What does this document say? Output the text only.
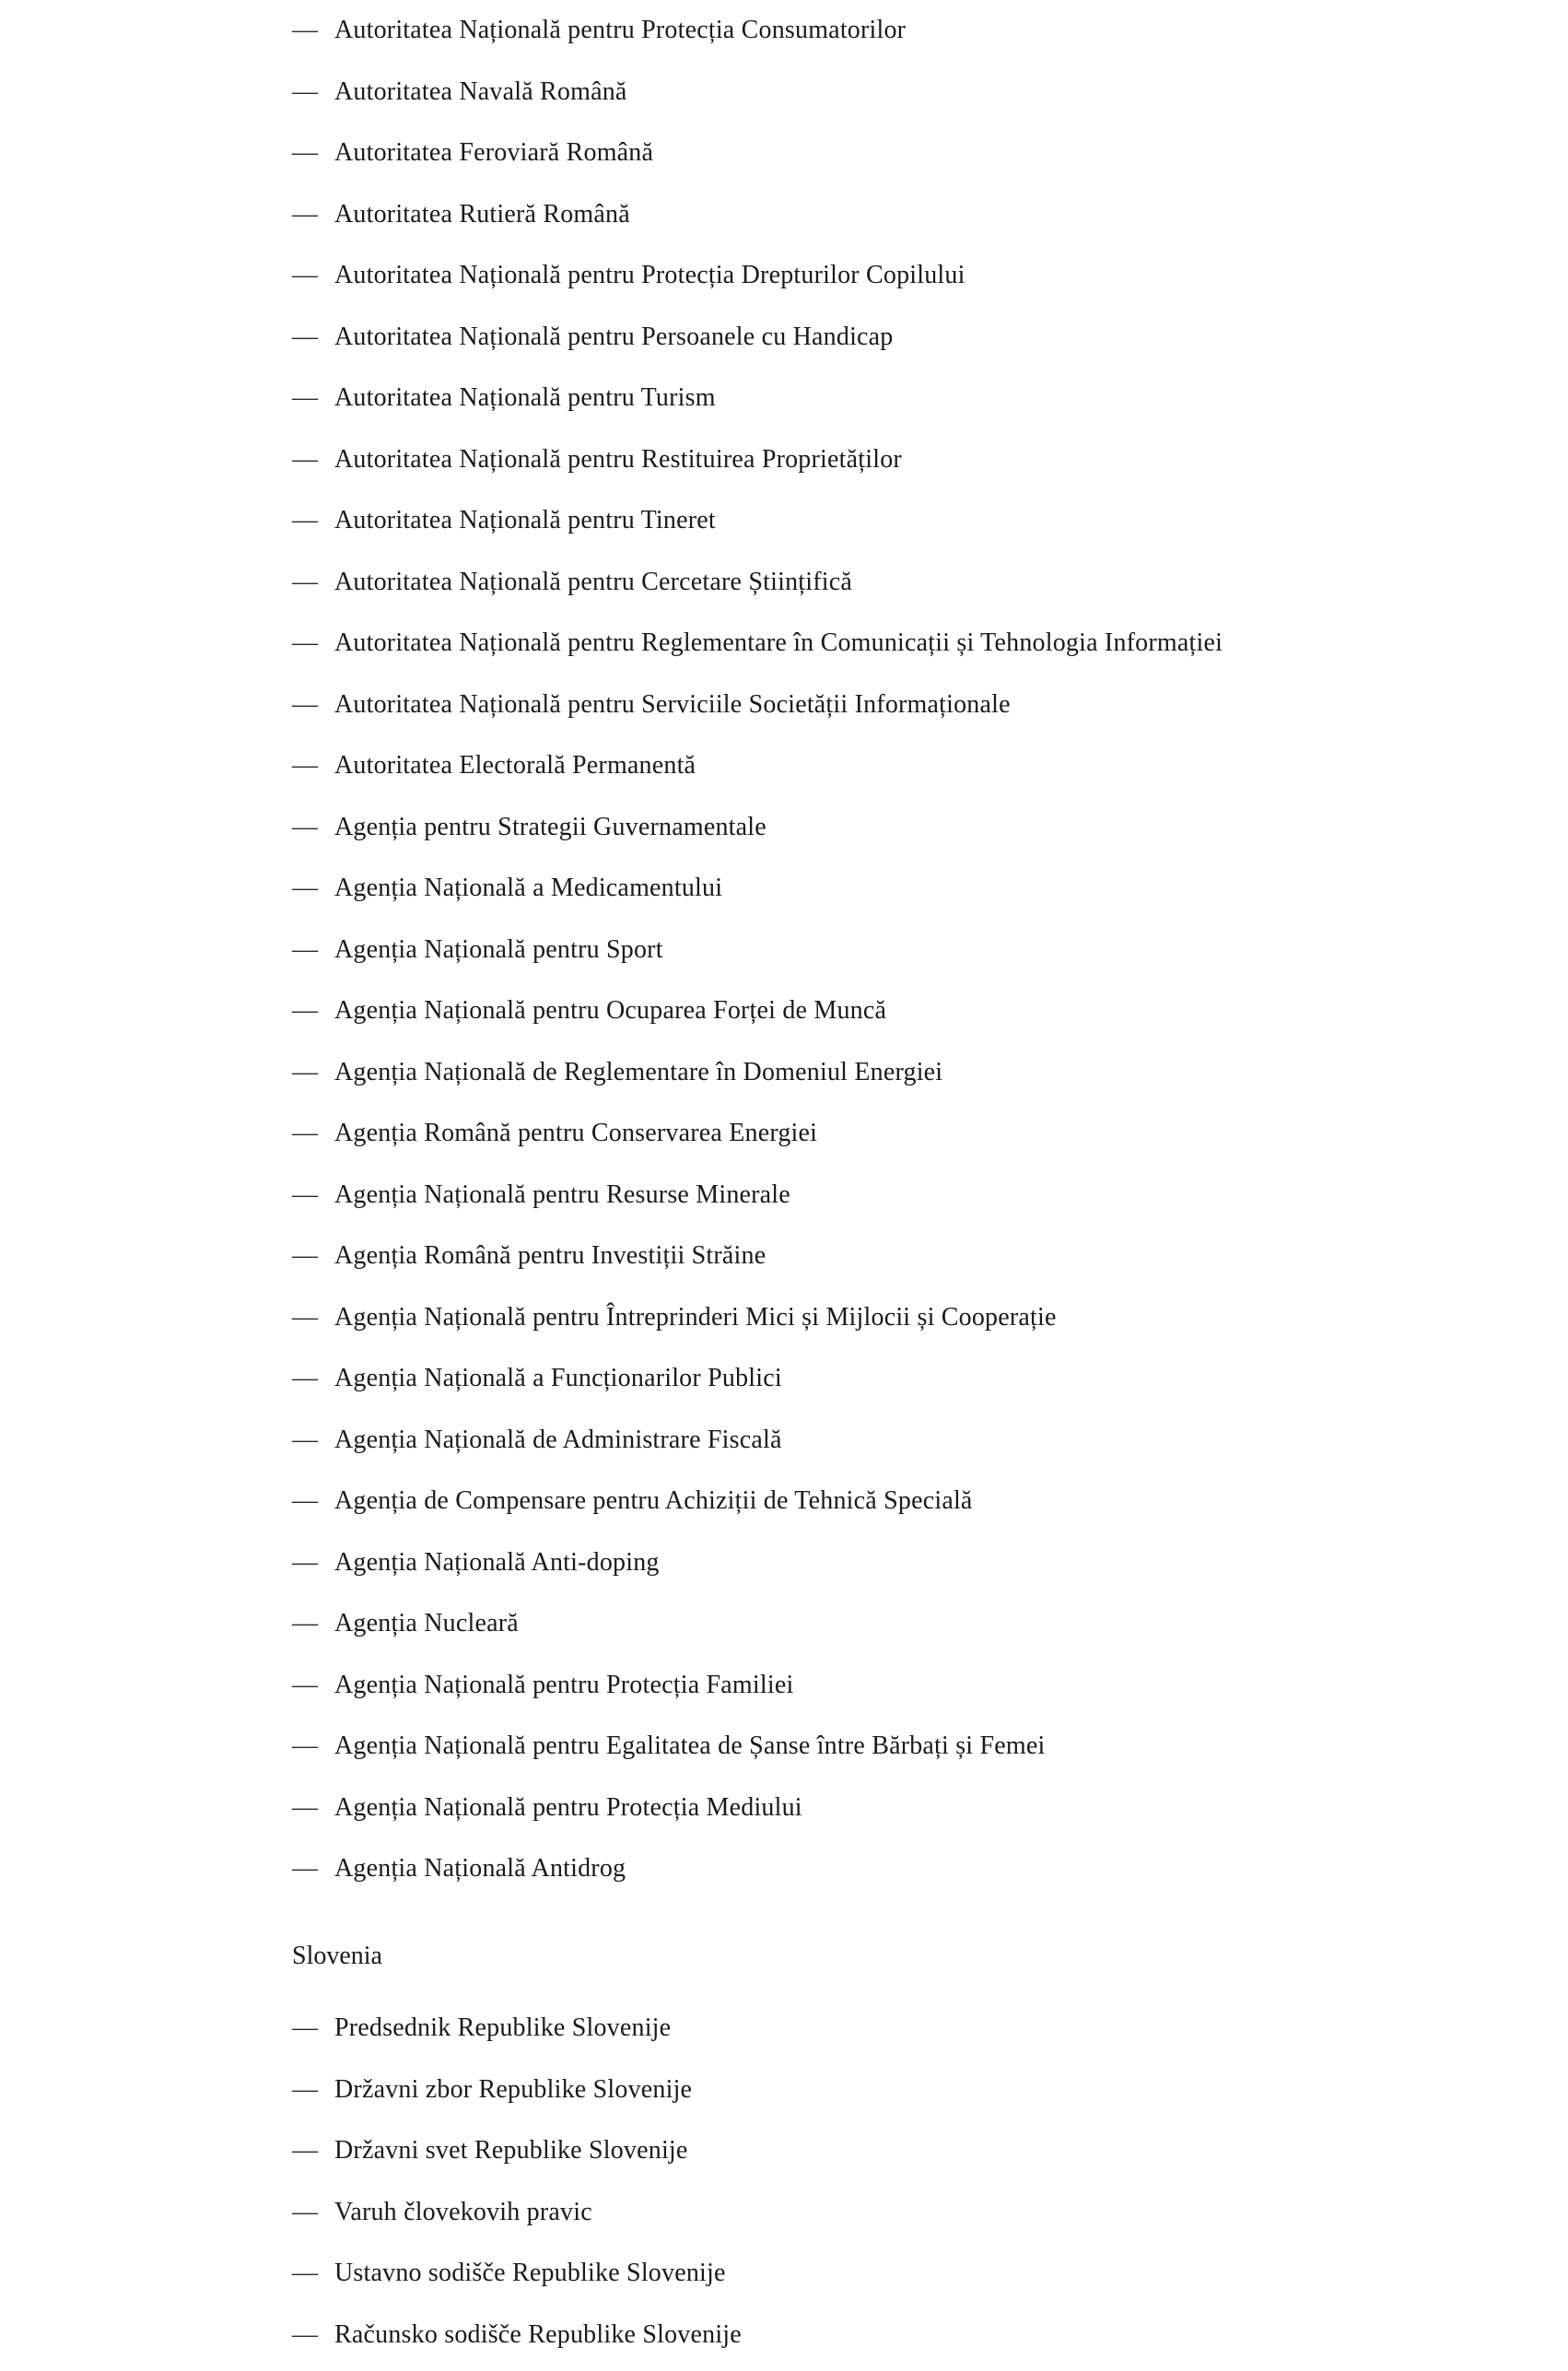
— Autoritatea Națională pentru Protecția Consumatorilor
— Autoritatea Navală Română
— Autoritatea Feroviară Română
— Autoritatea Rutieră Română
— Autoritatea Națională pentru Protecția Drepturilor Copilului
— Autoritatea Națională pentru Persoanele cu Handicap
— Autoritatea Națională pentru Turism
— Autoritatea Națională pentru Restituirea Proprietăților
— Autoritatea Națională pentru Tineret
— Autoritatea Națională pentru Cercetare Științifică
— Autoritatea Națională pentru Reglementare în Comunicații și Tehnologia Informației
— Autoritatea Națională pentru Serviciile Societății Informaționale
— Autoritatea Electorală Permanentă
— Agenția pentru Strategii Guvernamentale
— Agenția Națională a Medicamentului
— Agenția Națională pentru Sport
— Agenția Națională pentru Ocuparea Forței de Muncă
— Agenția Națională de Reglementare în Domeniul Energiei
— Agenția Română pentru Conservarea Energiei
— Agenția Națională pentru Resurse Minerale
— Agenția Română pentru Investiții Străine
— Agenția Națională pentru Întreprinderi Mici și Mijlocii și Cooperație
— Agenția Națională a Funcționarilor Publici
— Agenția Națională de Administrare Fiscală
— Agenția de Compensare pentru Achiziții de Tehnică Specială
— Agenția Națională Anti-doping
— Agenția Nucleară
— Agenția Națională pentru Protecția Familiei
— Agenția Națională pentru Egalitatea de Șanse între Bărbați și Femei
— Agenția Națională pentru Protecția Mediului
— Agenția Națională Antidrog
Slovenia
— Predsednik Republike Slovenije
— Državni zbor Republike Slovenije
— Državni svet Republike Slovenije
— Varuh človekovih pravic
— Ustavno sodišče Republike Slovenije
— Računsko sodišče Republike Slovenije
